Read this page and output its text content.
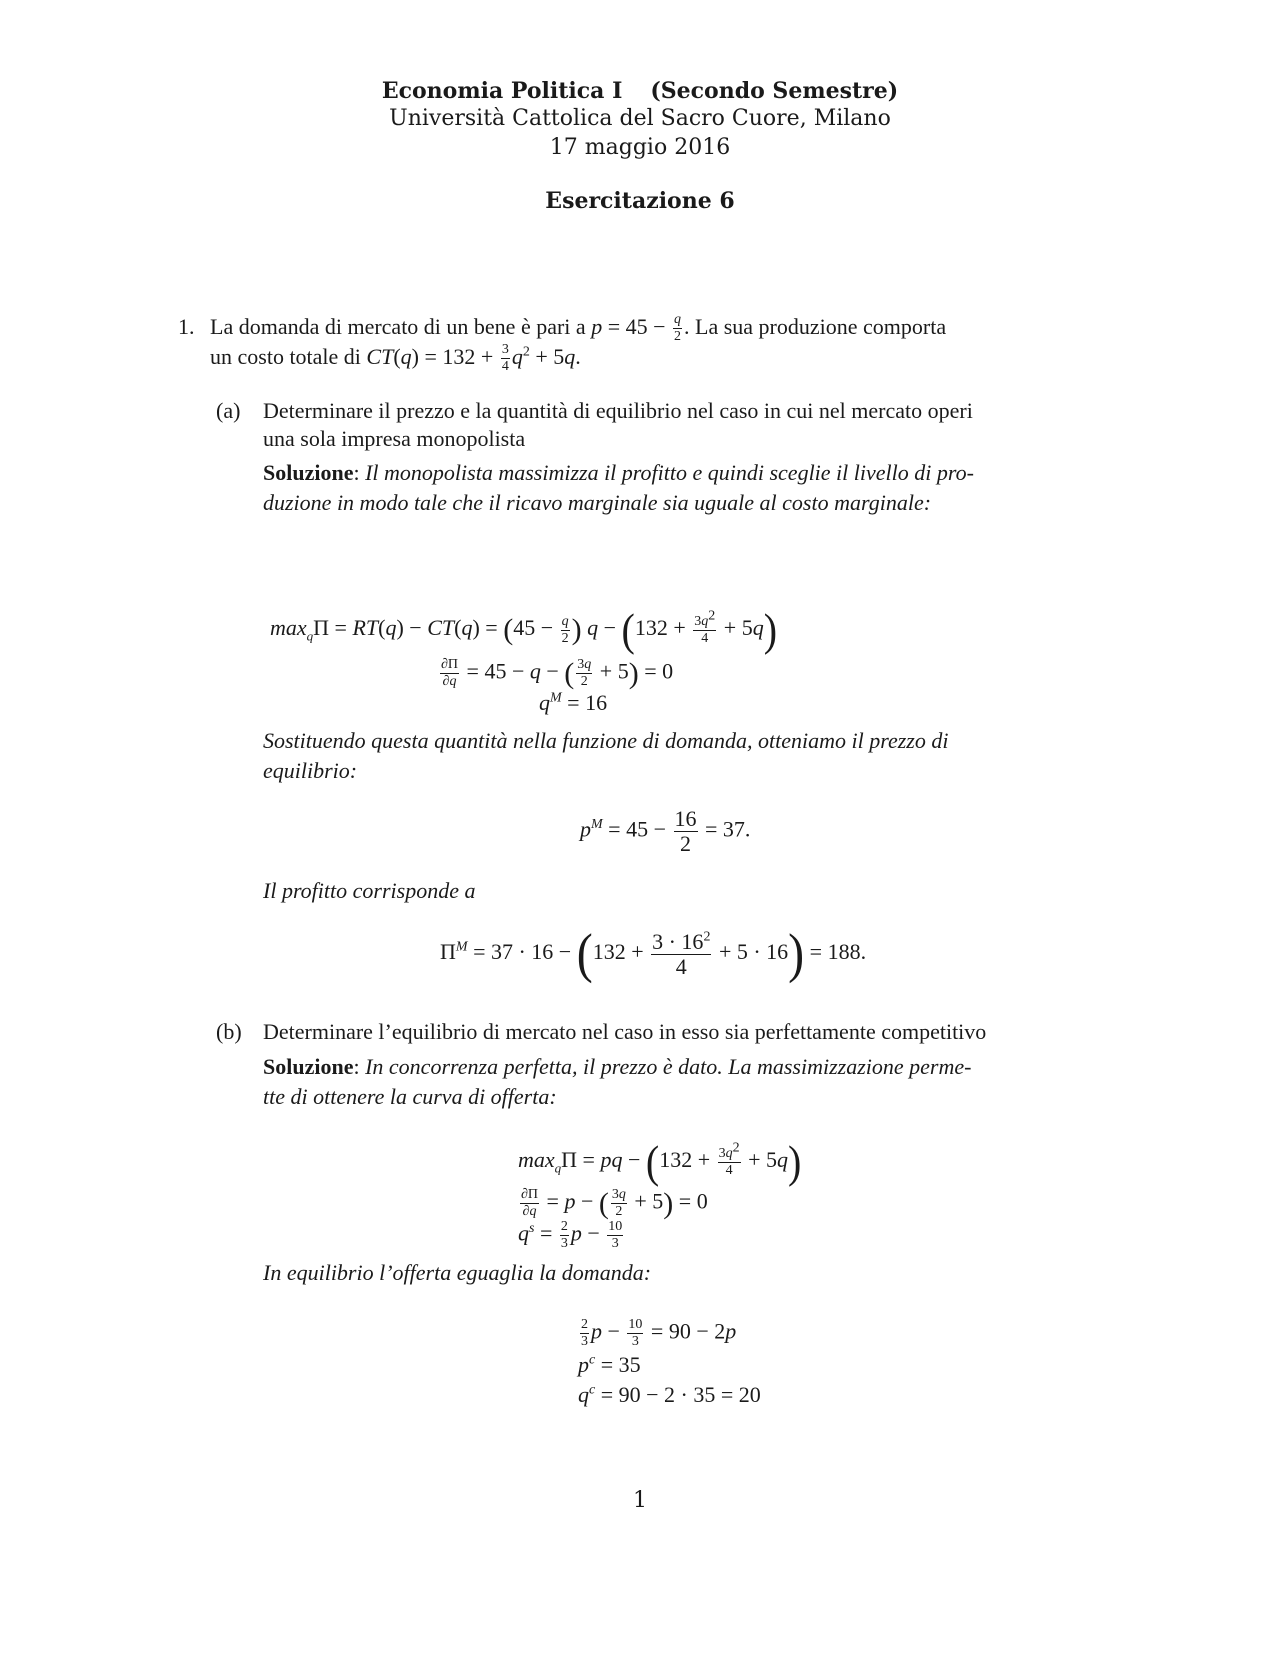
Economia Politica I (Secondo Semestre)
Università Cattolica del Sacro Cuore, Milano
17 maggio 2016
Esercitazione 6
1. La domanda di mercato di un bene è pari a $p = 45 - \frac{q}{2}$ . La sua produzione comporta
un costo totale di $CT(q) = 132 + \frac{3}{4} q^2 + 5q$.
(a) Determinare il prezzo e la quantità di equilibrio nel caso in cui nel mercato operi
una sola impresa monopolista
Soluzione: Il monopolista massimizza il profitto e quindi sceglie il livello di pro-
duzione in modo tale che il ricavo marginale sia uguale al costo marginale:
$\max_q\Pi = RT(q) - CT(q) = (45 - \frac{q}{2}$ ) $q - (132 + \frac{3q^2}{4} + 5q)$
$\frac{\partial\Pi}{\partial q} = 45 - q$ − ( $\frac{3q}{2} + 5) = 0$
$q^M = 16$
Sostituendo questa quantità nella funzione di domanda, otteniamo il prezzo di
equilibrio:
$p^M = 45 - \frac{16}{2} = 37$.
Il profitto corrisponde a
$\Pi^M = 37 \cdot 16 - (132 + \frac{3 \cdot 16^2}{4} + 5 \cdot 16) = 188$.
(b) Determinare l’equilibrio di mercato nel caso in esso sia perfettamente competitivo
Soluzione: In concorrenza perfetta, il prezzo è dato. La massimizzazione perme-
tte di ottenere la curva di offerta:
$\max_q\Pi$ = pq − $(132 + \frac{3q^2}{4} + 5q)$
$\frac{\partial\Pi}{\partial q} = p$ − ( $\frac{3q}{2} + 5) = 0$
$q^s = \frac{2}{3}$ $p - \frac{10}{3}$
In equilibrio l’offerta eguaglia la domanda:
$\frac{2}{3}$ $p - \frac{10}{3} = 90 - 2p$
$p^c = 35$
$q^c = 90 - 2 \cdot 35 = 20$
1
